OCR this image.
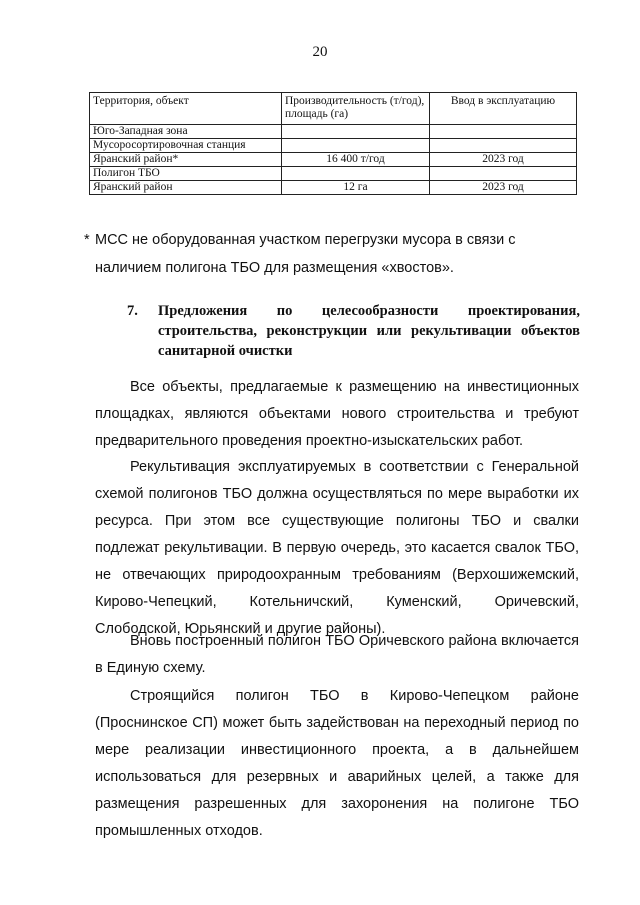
20
Территория, объект	Производительность (т/год), площадь (га)	Ввод в эксплуатацию
Юго-Западная зона		
Мусоросортировочная станция		
Яранский район*	16 400 т/год	2023 год
Полигон ТБО		
Яранский район	12 га	2023 год
* МСС не оборудованная участком перегрузки мусора в связи с наличием полигона ТБО для размещения «хвостов».
7. Предложения по целесообразности проектирования, строительства, реконструкции или рекультивации объектов санитарной очистки

Все объекты, предлагаемые к размещению на инвестиционных площадках, являются объектами нового строительства и требуют предварительного проведения проектно-изыскательских работ.

Рекультивация эксплуатируемых в соответствии с Генеральной схемой полигонов ТБО должна осуществляться по мере выработки их ресурса. При этом все существующие полигоны ТБО и свалки подлежат рекультивации. В первую очередь, это касается свалок ТБО, не отвечающих природоохранным требованиям (Верхошижемский, Кирово-Чепецкий, Котельничский, Куменский, Оричевский, Слободской, Юрьянский и другие районы).

Вновь построенный полигон ТБО Оричевского района включается в Единую схему.

Строящийся полигон ТБО в Кирово-Чепецком районе (Проснинское СП) может быть задействован на переходный период по мере реализации инвестиционного проекта, а в дальнейшем использоваться для резервных и аварийных целей, а также для размещения разрешенных для захоронения на полигоне ТБО промышленных отходов.
